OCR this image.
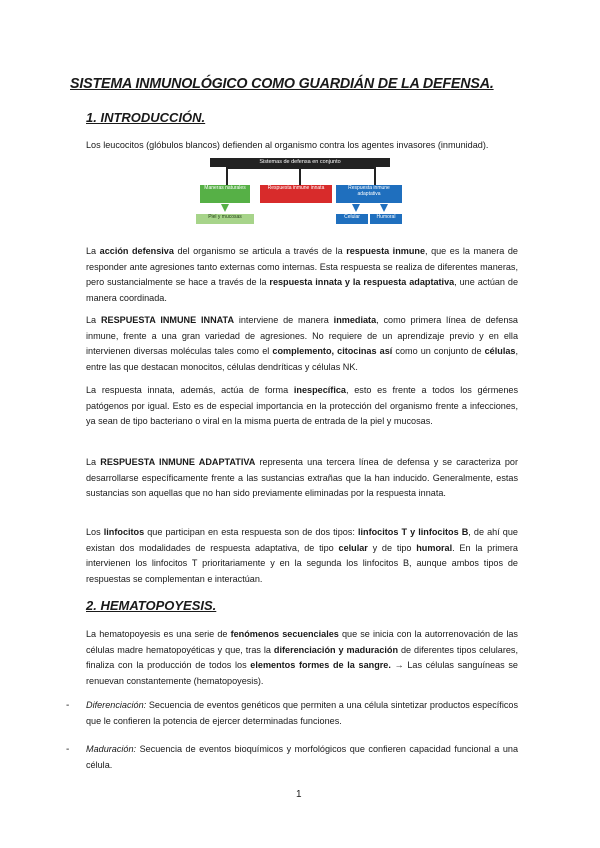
SISTEMA INMUNOLÓGICO COMO GUARDIÁN DE LA DEFENSA.
1. INTRODUCCIÓN.
Los leucocitos (glóbulos blancos) defienden al organismo contra los agentes invasores (inmunidad).
Sistemas de defensa en conjunto
Maneras naturales	Respuesta inmune innata	Respuesta inmune adaptativa
Piel y mucosas	Celular	Humoral
La acción defensiva del organismo se articula a través de la respuesta inmune, que es la manera de responder ante agresiones tanto externas como internas. Esta respuesta se realiza de diferentes maneras, pero sustancialmente se hace a través de la respuesta innata y la respuesta adaptativa, une actúan de manera coordinada.
La RESPUESTA INMUNE INNATA interviene de manera inmediata, como primera línea de defensa inmune, frente a una gran variedad de agresiones. No requiere de un aprendizaje previo y en ella intervienen diversas moléculas tales como el complemento, citocinas así como un conjunto de células, entre las que destacan monocitos, células dendríticas y células NK.
La respuesta innata, además, actúa de forma inespecífica, esto es frente a todos los gérmenes patógenos por igual. Esto es de especial importancia en la protección del organismo frente a infecciones, ya sean de tipo bacteriano o viral en la misma puerta de entrada de la piel y mucosas.
La RESPUESTA INMUNE ADAPTATIVA representa una tercera línea de defensa y se caracteriza por desarrollarse específicamente frente a las sustancias extrañas que la han inducido. Generalmente, estas sustancias son aquellas que no han sido previamente eliminadas por la respuesta innata.
Los linfocitos que participan en esta respuesta son de dos tipos: linfocitos T y linfocitos B, de ahí que existan dos modalidades de respuesta adaptativa, de tipo celular y de tipo humoral. En la primera intervienen los linfocitos T prioritariamente y en la segunda los linfocitos B, aunque ambos tipos de respuestas se complementan e interactúan.
2. HEMATOPOYESIS.
La hematopoyesis es una serie de fenómenos secuenciales que se inicia con la autorrenovación de las células madre hematopoyéticas y que, tras la diferenciación y maduración de diferentes tipos celulares, finaliza con la producción de todos los elementos formes de la sangre. → Las células sanguíneas se renuevan constantemente (hematopoyesis).
- Diferenciación: Secuencia de eventos genéticos que permiten a una célula sintetizar productos específicos que le confieren la potencia de ejercer determinadas funciones.
- Maduración: Secuencia de eventos bioquímicos y morfológicos que confieren capacidad funcional a una célula.
1
